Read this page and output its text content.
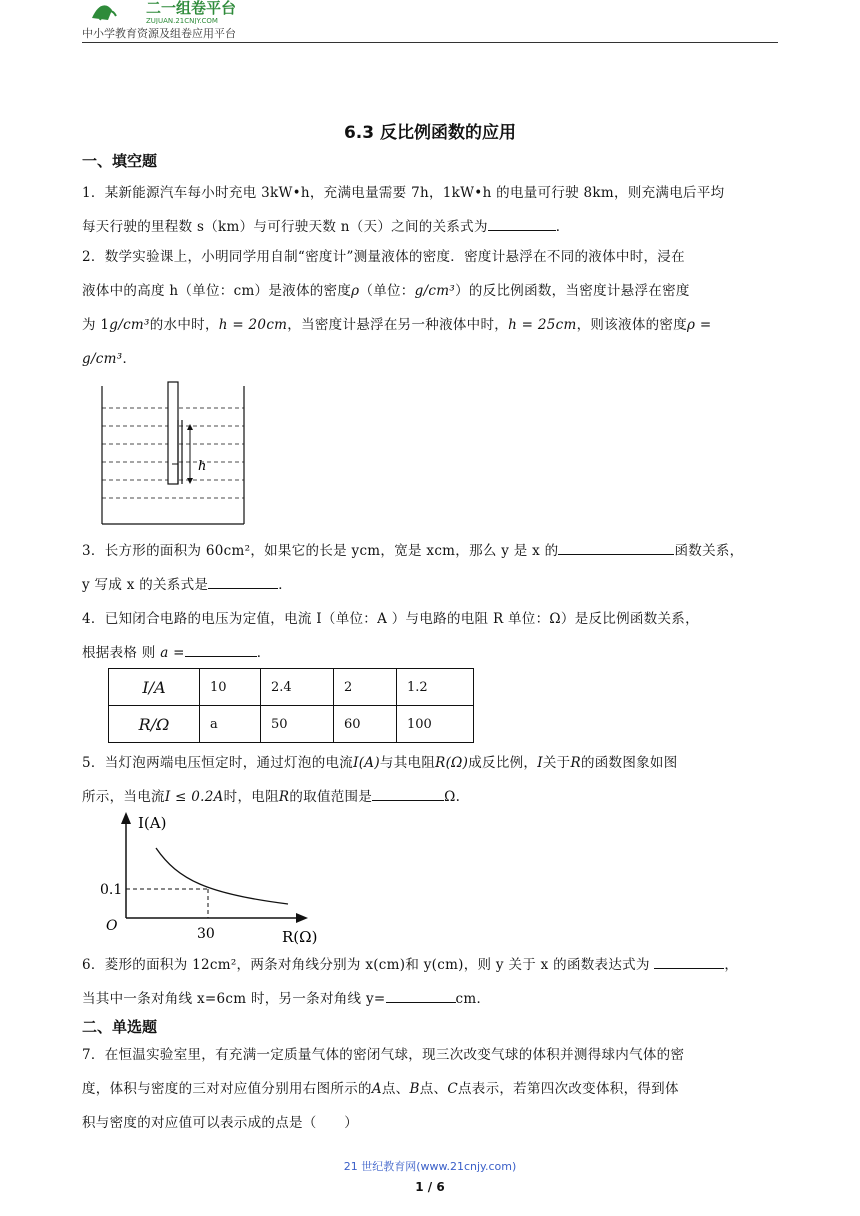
二一组卷平台
ZUJUAN.21CNJY.COM
中小学教育资源及组卷应用平台
6.3 反比例函数的应用
一、填空题
1．某新能源汽车每小时充电 3kW•h，充满电量需要 7h，1kW•h 的电量可行驶 8km，则充满电后平均
每天行驶的里程数 s（km）与可行驶天数 n（天）之间的关系式为	．
2．数学实验课上，小明同学用自制“密度计”测量液体的密度．密度计悬浮在不同的液体中时，浸在
液体中的高度 h（单位：cm）是液体的密度ρ（单位：g/cm³）的反比例函数，当密度计悬浮在密度
为 1g/cm³的水中时，h = 20cm，当密度计悬浮在另一种液体中时，h = 25cm，则该液体的密度ρ =
g/cm³．
h
3．长方形的面积为 60cm²，如果它的长是 ycm，宽是 xcm，那么 y 是 x 的	函数关系，
y 写成 x 的关系式是	．
4．已知闭合电路的电压为定值，电流 I（单位：A ）与电路的电阻 R 单位：Ω）是反比例函数关系，
根据表格 则 a =	．
I/A	10	2.4	2	1.2
R/Ω	a	50	60	100
5．当灯泡两端电压恒定时，通过灯泡的电流I(A)与其电阻R(Ω)成反比例，I关于R的函数图象如图
所示，当电流I ≤ 0.2A时，电阻R的取值范围是	Ω.
I(A)
R(Ω)
O
0.1
30
6．菱形的面积为 12cm²，两条对角线分别为 x(cm)和 y(cm)，则 y 关于 x 的函数表达式为	，
当其中一条对角线 x=6cm 时，另一条对角线 y=	cm．
二、单选题
7．在恒温实验室里，有充满一定质量气体的密闭气球，现三次改变气球的体积并测得球内气体的密
度，体积与密度的三对对应值分别用右图所示的A点、B点、C点表示，若第四次改变体积，得到体
积与密度的对应值可以表示成的点是（　　）
21 世纪教育网(www.21cnjy.com)
1 / 6
